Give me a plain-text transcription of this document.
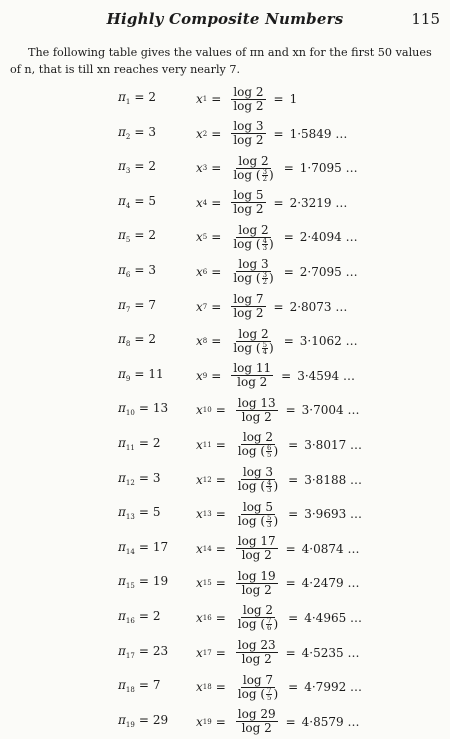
Highly Composite Numbers	115
The following table gives the values of πn and xn for the first 50 values of n, that is till xn reaches very nearly 7.
$\pi_1 = 2$	x $1 = \frac{\log 2}{\log 2} = 1$
$\pi_2 = 3$	x $2 = \frac{\log 3}{\log 2} = 1\cdot 5849$ …
$\pi_3 = 2$	x $3 = \frac{\log 2}{\log ( \frac{3}{2} )} = 1\cdot 7095$ …
$\pi_4 = 5$	x $4 = \frac{\log 5}{\log 2} = 2\cdot 3219$ …
$\pi_5 = 2$	x $5 = \frac{\log 2}{\log ( \frac{4}{3} )} = 2\cdot 4094$ …
$\pi_6 = 3$	x $6 = \frac{\log 3}{\log ( \frac{3}{2} )} = 2\cdot 7095$ …
$\pi_7 = 7$	x $7 = \frac{\log 7}{\log 2} = 2\cdot 8073$ …
$\pi_8 = 2$	x $8 = \frac{\log 2}{\log ( \frac{5}{4} )} = 3\cdot 1062$ …
$\pi_9 = 11$	x $9 = \frac{\log 11}{\log 2} = 3\cdot 4594$ …
$\pi_{10} = 13$	x $10 = \frac{\log 13}{\log 2} = 3\cdot 7004$ …
$\pi_{11} = 2$	x $11 = \frac{\log 2}{\log ( \frac{6}{5} )} = 3\cdot 8017$ …
$\pi_{12} = 3$	x $12 = \frac{\log 3}{\log ( \frac{4}{3} )} = 3\cdot 8188$ …
$\pi_{13} = 5$	x $13 = \frac{\log 5}{\log ( \frac{5}{3} )} = 3\cdot 9693$ …
$\pi_{14} = 17$	x $14 = \frac{\log 17}{\log 2} = 4\cdot 0874$ …
$\pi_{15} = 19$	x $15 = \frac{\log 19}{\log 2} = 4\cdot 2479$ …
$\pi_{16} = 2$	x $16 = \frac{\log 2}{\log ( \frac{7}{6} )} = 4\cdot 4965$ …
$\pi_{17} = 23$	x $17 = \frac{\log 23}{\log 2} = 4\cdot 5235$ …
$\pi_{18} = 7$	x $18 = \frac{\log 7}{\log ( \frac{7}{5} )} = 4\cdot 7992$ …
$\pi_{19} = 29$	x $19 = \frac{\log 29}{\log 2} = 4\cdot 8579$ …
